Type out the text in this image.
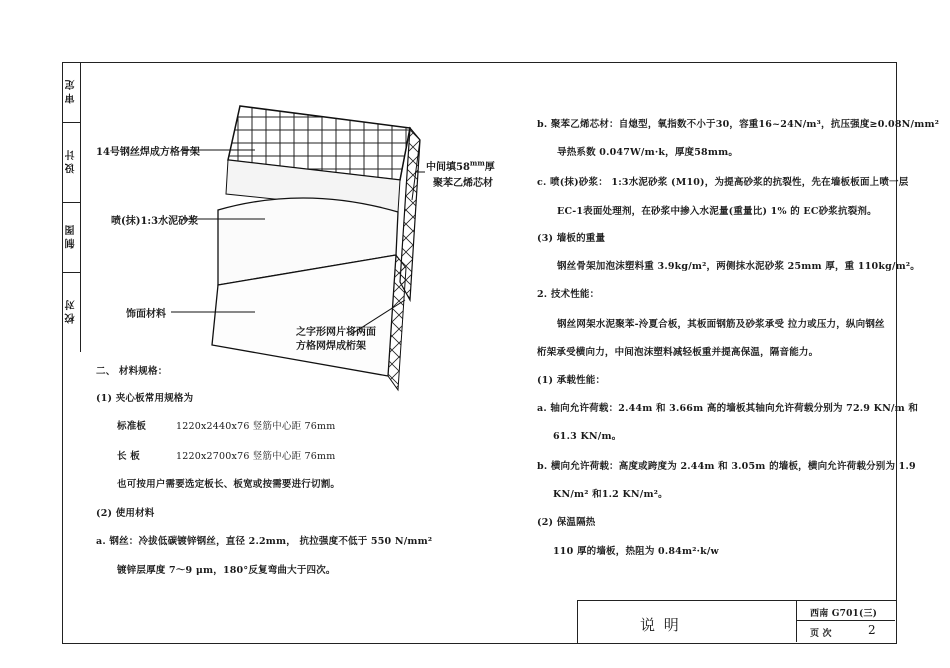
审 定
设 计
制 图
校 对
14号钢丝焊成方格骨架
喷(抹)1:3水泥砂浆
饰面材料
中间填$58^{mm}$厚
聚苯乙烯芯材
之字形网片将两面
方格网焊成桁架
二、 材料规格：
(1) 夹心板常用规格为
标准板	1220x2440x76 竖筋中心距 76mm
长 板	1220x2700x76 竖筋中心距 76mm
也可按用户需要选定板长、板宽或按需要进行切割。
(2) 使用材料
a. 钢丝：冷拔低碳镀锌钢丝，直径 2.2mm， 抗拉强度不低于 550 N/mm²
镀锌层厚度 7～9 μm，180°反复弯曲大于四次。
b. 聚苯乙烯芯材：自熄型，氧指数不小于30，容重16~24N/m³，抗压强度≥0.08N/mm²
导热系数 0.047W/m·k，厚度58mm。
c. 喷(抹)砂浆： 1:3水泥砂浆 (M10)，为提高砂浆的抗裂性，先在墙板板面上喷一层
EC-1表面处理剂，在砂浆中掺入水泥量(重量比) 1% 的 EC砂浆抗裂剂。
(3) 墙板的重量
钢丝骨架加泡沫塑料重 3.9kg/m²，两侧抹水泥砂浆 25mm 厚，重 110kg/m²。
2. 技术性能：
钢丝网架水泥聚苯-泠夏合板，其板面钢筋及砂浆承受 拉力或压力，纵向钢丝
桁架承受横向力，中间泡沫塑料减轻板重并提高保温，隔音能力。
(1) 承载性能：
a. 轴向允许荷载：2.44m 和 3.66m 高的墙板其轴向允许荷载分别为 72.9 KN/m 和
61.3 KN/m。
b. 横向允许荷载：高度或跨度为 2.44m 和 3.05m 的墙板，横向允许荷载分别为 1.9
KN/m² 和1.2 KN/m²。
(2) 保温隔热
110 厚的墙板，热阻为 0.84m²·k/w
说 明
西南 G701(三)
页 次	2
